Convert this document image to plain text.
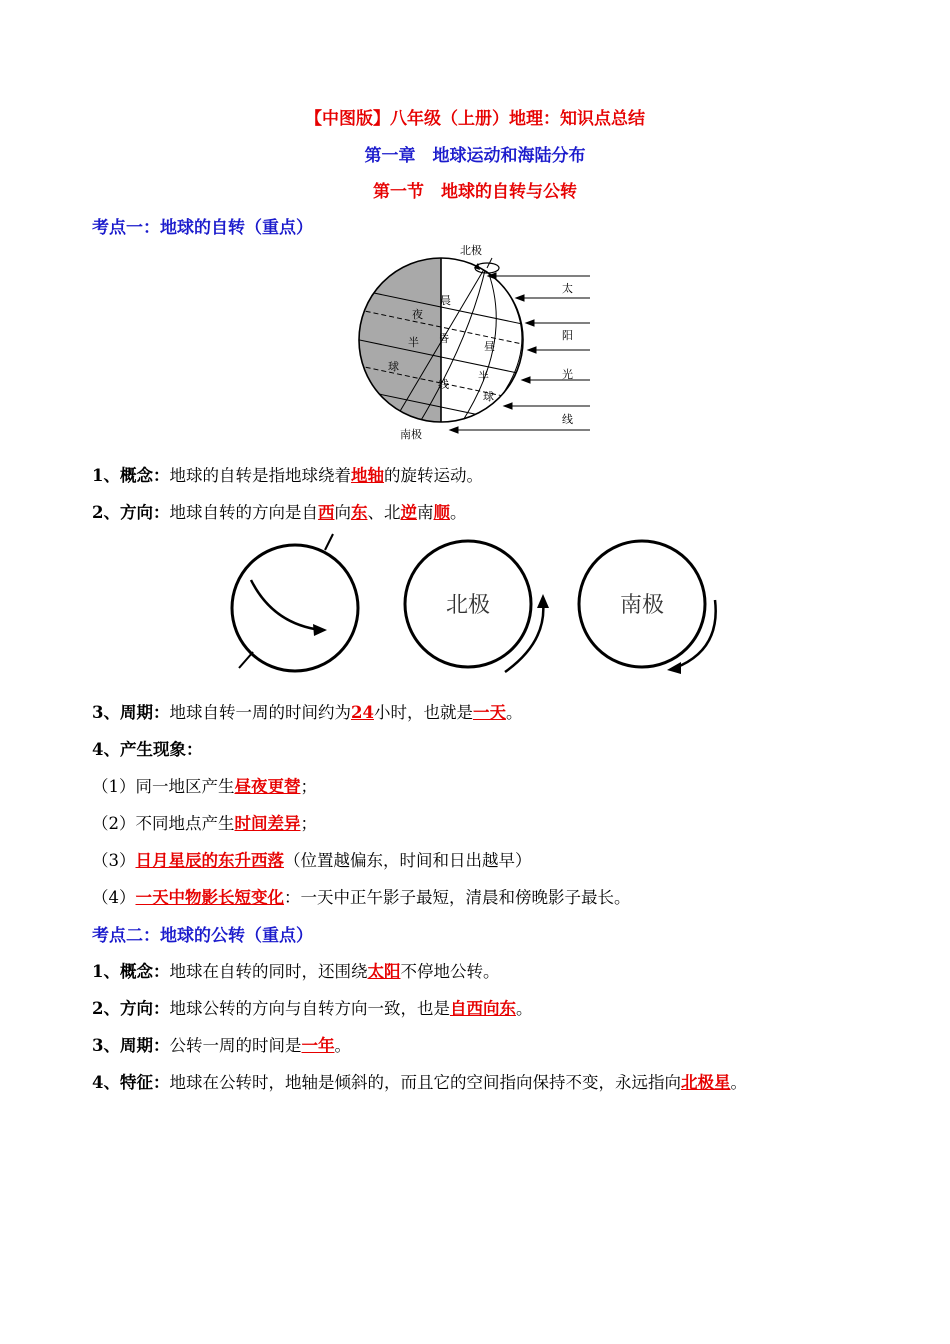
【中图版】八年级（上册）地理：知识点总结
第一章　地球运动和海陆分布
第一节　地球的自转与公转
考点一：地球的自转（重点）
北极
南极
夜
半
球
晨
昏
线
昼
半
球
太
阳
光
线
1、概念：地球的自转是指地球绕着地轴的旋转运动。
2、方向：地球自转的方向是自西向东、北逆南顺。
北极	南极
3、周期：地球自转一周的时间约为24小时，也就是一天。
4、产生现象：
（1）同一地区产生昼夜更替；
（2）不同地点产生时间差异；
（3）日月星辰的东升西落（位置越偏东，时间和日出越早）
（4）一天中物影长短变化：一天中正午影子最短，清晨和傍晚影子最长。
考点二：地球的公转（重点）
1、概念：地球在自转的同时，还围绕太阳不停地公转。
2、方向：地球公转的方向与自转方向一致，也是自西向东。
3、周期：公转一周的时间是一年。
4、特征：地球在公转时，地轴是倾斜的，而且它的空间指向保持不变，永远指向北极星。
